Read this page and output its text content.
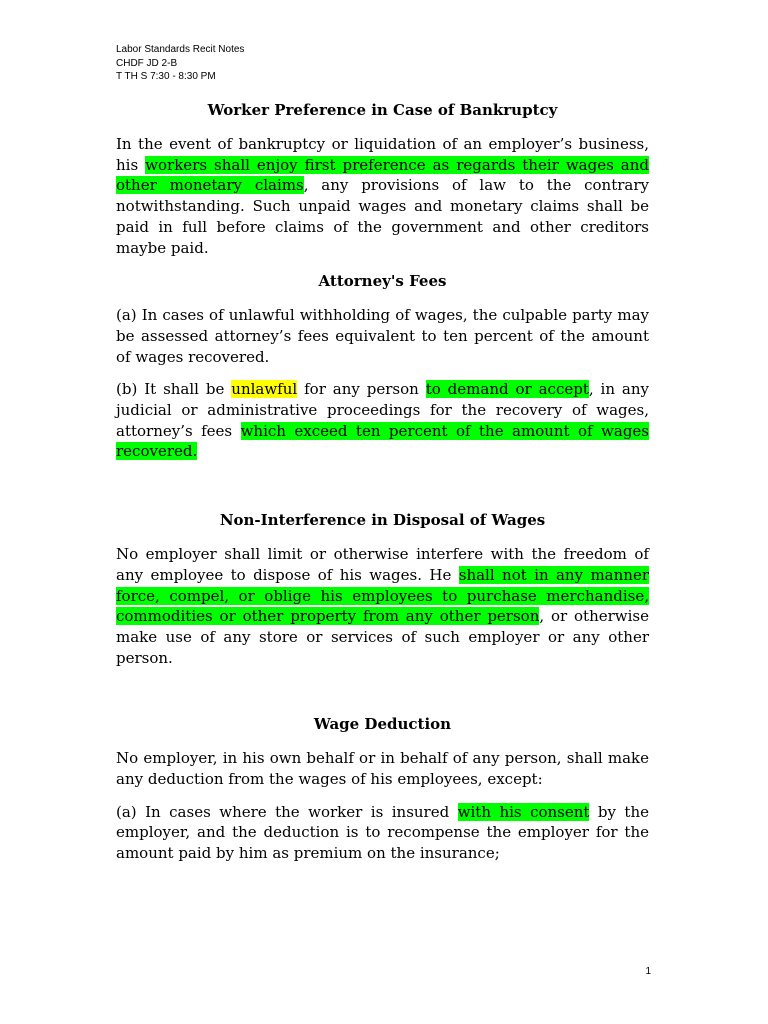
Labor Standards Recit Notes
CHDF JD 2-B
T TH S 7:30 - 8:30 PM
Worker Preference in Case of Bankruptcy

In the event of bankruptcy or liquidation of an employer’s business, his workers shall enjoy first preference as regards their wages and other monetary claims, any provisions of law to the contrary notwithstanding. Such unpaid wages and monetary claims shall be paid in full before claims of the government and other creditors maybe paid.

Attorney's Fees

(a) In cases of unlawful withholding of wages, the culpable party may be assessed attorney’s fees equivalent to ten percent of the amount of wages recovered.

(b) It shall be unlawful for any person to demand or accept, in any judicial or administrative proceedings for the recovery of wages, attorney’s fees which exceed ten percent of the amount of wages recovered.

Non-Interference in Disposal of Wages

No employer shall limit or otherwise interfere with the freedom of any employee to dispose of his wages. He shall not in any manner force, compel, or oblige his employees to purchase merchandise, commodities or other property from any other person, or otherwise make use of any store or services of such employer or any other person.

Wage Deduction

No employer, in his own behalf or in behalf of any person, shall make any deduction from the wages of his employees, except:

(a) In cases where the worker is insured with his consent by the employer, and the deduction is to recompense the employer for the amount paid by him as premium on the insurance;

1
